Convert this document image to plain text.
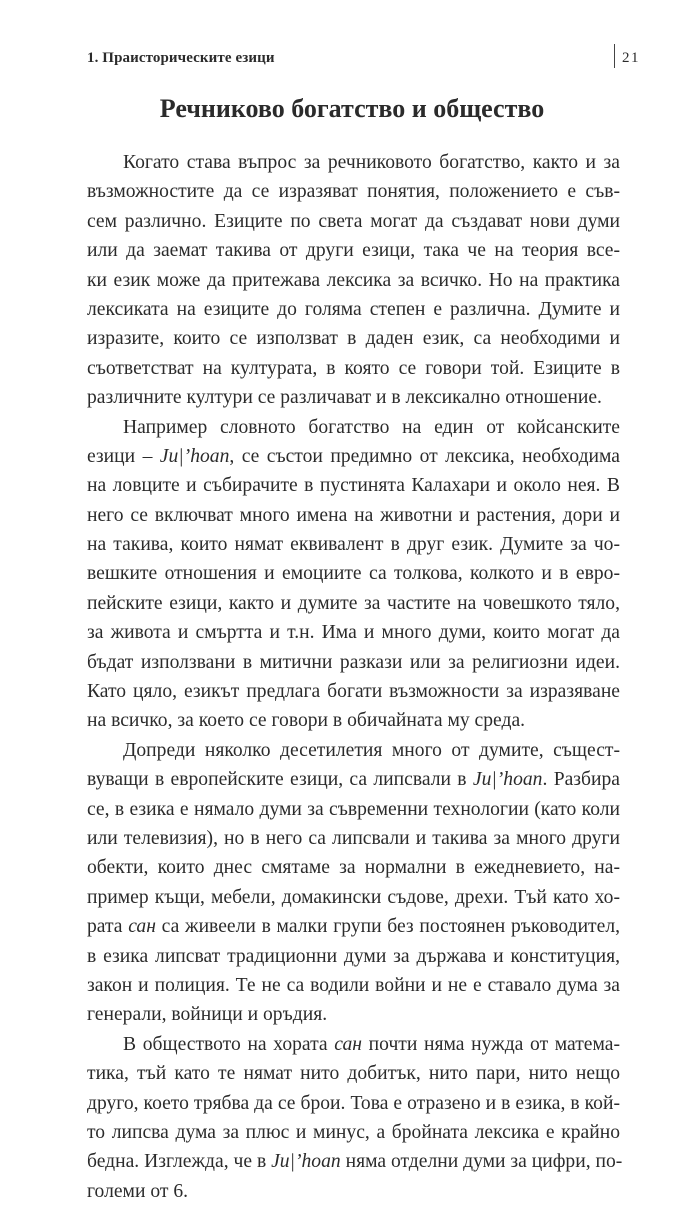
1. Праисторическите езици	21
Речниково богатство и общество
Когато става въпрос за речниковото богатство, както и за
възможностите да се изразяват понятия, положението е съв-
сем различно. Езиците по света могат да създават нови думи
или да заемат такива от други езици, така че на теория все-
ки език може да притежава лексика за всичко. Но на практика
лексиката на езиците до голяма степен е различна. Думите и
изразите, които се използват в даден език, са необходими и
съответстват на културата, в която се говори той. Езиците в
различните култури се различават и в лексикално отношение.
Например словното богатство на един от койсанските
езици – Ju|’hoan, се състои предимно от лексика, необходима
на ловците и събирачите в пустинята Калахари и около нея. В
него се включват много имена на животни и растения, дори и
на такива, които нямат еквивалент в друг език. Думите за чо-
вешките отношения и емоциите са толкова, колкото и в евро-
пейските езици, както и думите за частите на човешкото тяло,
за живота и смъртта и т.н. Има и много думи, които могат да
бъдат използвани в митични разкази или за религиозни идеи.
Като цяло, езикът предлага богати възможности за изразяване
на всичко, за което се говори в обичайната му среда.
Допреди няколко десетилетия много от думите, същест-
вуващи в европейските езици, са липсвали в Ju|’hoan. Разбира
се, в езика е нямало думи за съвременни технологии (като коли
или телевизия), но в него са липсвали и такива за много други
обекти, които днес смятаме за нормални в ежедневието, на-
пример къщи, мебели, домакински съдове, дрехи. Тъй като хо-
рата сан са живеели в малки групи без постоянен ръководител,
в езика липсват традиционни думи за държава и конституция,
закон и полиция. Те не са водили войни и не е ставало дума за
генерали, войници и оръдия.
В обществото на хората сан почти няма нужда от матема-
тика, тъй като те нямат нито добитък, нито пари, нито нещо
друго, което трябва да се брои. Това е отразено и в езика, в кой-
то липсва дума за плюс и минус, а бройната лексика е крайно
бедна. Изглежда, че в Ju|’hoan няма отделни думи за цифри, по-
големи от 6.
